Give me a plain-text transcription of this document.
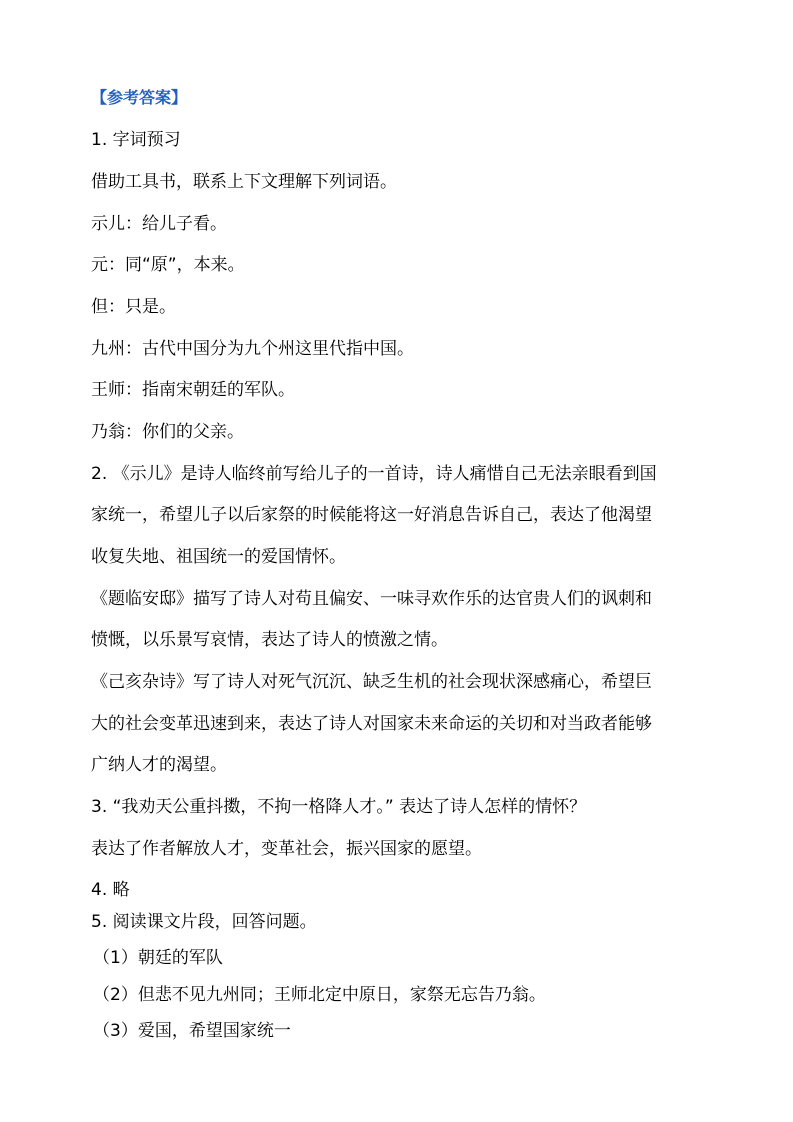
【参考答案】
1. 字词预习
借助工具书，联系上下文理解下列词语。
示儿：给儿子看。
元：同“原”，本来。
但：只是。
九州：古代中国分为九个州这里代指中国。
王师：指南宋朝廷的军队。
乃翁：你们的父亲。
2. 《示儿》是诗人临终前写给儿子的一首诗，诗人痛惜自己无法亲眼看到国
家统一，希望儿子以后家祭的时候能将这一好消息告诉自己，表达了他渴望
收复失地、祖国统一的爱国情怀。
《题临安邸》描写了诗人对苟且偏安、一味寻欢作乐的达官贵人们的讽刺和
愤慨，以乐景写哀情，表达了诗人的愤激之情。
《己亥杂诗》写了诗人对死气沉沉、缺乏生机的社会现状深感痛心，希望巨
大的社会变革迅速到来，表达了诗人对国家未来命运的关切和对当政者能够
广纳人才的渴望。
3. “我劝天公重抖擞，不拘一格降人才。” 表达了诗人怎样的情怀？
表达了作者解放人才，变革社会，振兴国家的愿望。
4. 略
5. 阅读课文片段，回答问题。
（1）朝廷的军队
（2）但悲不见九州同；王师北定中原日，家祭无忘告乃翁。
（3）爱国，希望国家统一
